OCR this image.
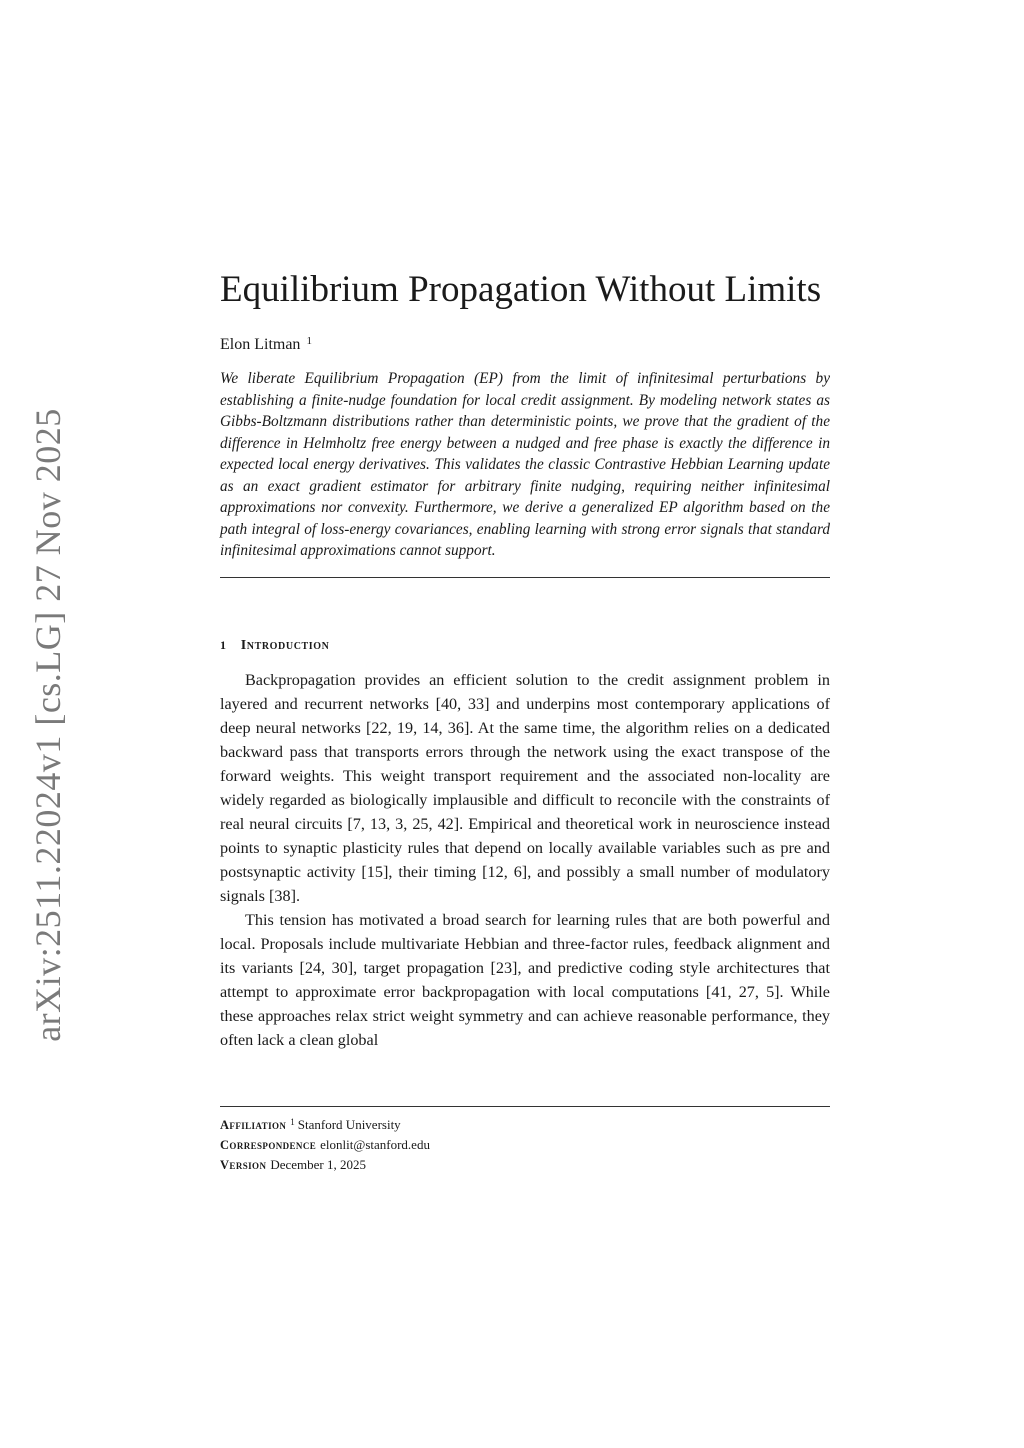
arXiv:2511.22024v1 [cs.LG] 27 Nov 2025
Equilibrium Propagation Without Limits
Elon Litman $^1$

We liberate Equilibrium Propagation (EP) from the limit of infinitesimal perturbations by establishing a finite-nudge foundation for local credit assignment. By modeling network states as Gibbs-Boltzmann distributions rather than deterministic points, we prove that the gradient of the difference in Helmholtz free energy between a nudged and free phase is exactly the difference in expected local energy derivatives. This validates the classic Contrastive Hebbian Learning update as an exact gradient estimator for arbitrary finite nudging, requiring neither infinitesimal approximations nor convexity. Furthermore, we derive a generalized EP algorithm based on the path integral of loss-energy covariances, enabling learning with strong error signals that standard infinitesimal approximations cannot support.

1 Introduction

Backpropagation provides an efficient solution to the credit assignment problem in layered and recurrent networks [40, 33] and underpins most contemporary applications of deep neural networks [22, 19, 14, 36]. At the same time, the algorithm relies on a dedicated backward pass that transports errors through the network using the exact transpose of the forward weights. This weight transport requirement and the associated non-locality are widely regarded as biologically implausible and difficult to reconcile with the constraints of real neural circuits [7, 13, 3, 25, 42]. Empirical and theoretical work in neuroscience instead points to synaptic plasticity rules that depend on locally available variables such as pre and postsynaptic activity [15], their timing [12, 6], and possibly a small number of modulatory signals [38].

This tension has motivated a broad search for learning rules that are both powerful and local. Proposals include multivariate Hebbian and three-factor rules, feedback alignment and its variants [24, 30], target propagation [23], and predictive coding style architectures that attempt to approximate error backpropagation with local computations [41, 27, 5]. While these approaches relax strict weight symmetry and can achieve reasonable performance, they often lack a clean global

Affiliation $^1$ Stanford University
Correspondence elonlit@stanford.edu
Version December 1, 2025
